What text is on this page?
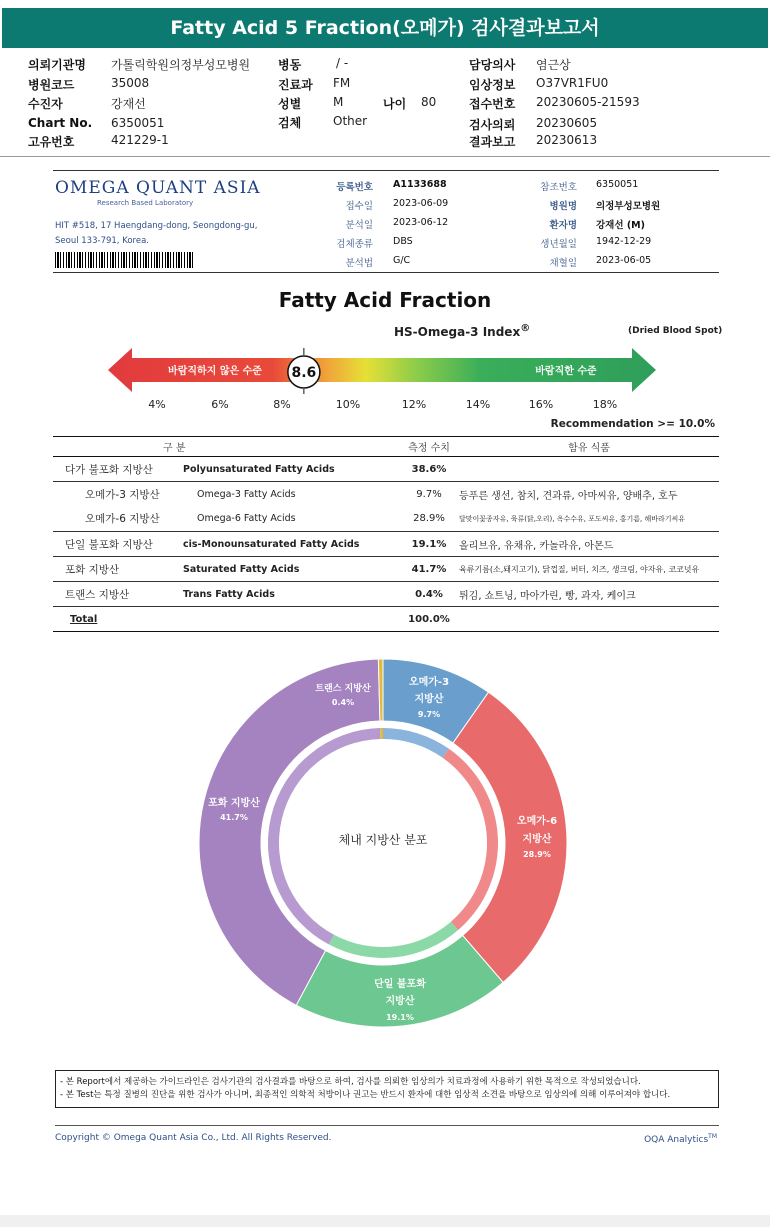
Fatty Acid 5 Fraction(오메가) 검사결과보고서
의뢰기관명 가톨릭학원의정부성모병원
병원코드	35008
수진자	강재선
Chart No. 6350051
고유번호	421229-1
병동	/ -
진료과 FM
성별	M	나이 80
검체	Other
담당의사 염근상
임상정보 O37VR1FU0
접수번호 20230605-21593
검사의뢰 20230605
결과보고 20230613
OMEGA QUANT ASIA
Research Based Laboratory
HIT #518, 17 Haengdang-dong, Seongdong-gu,
Seoul 133-791, Korea.
등록번호 A1133688
접수일 2023-06-09
분석일 2023-06-12
검체종류 DBS
분석법 G/C
참조번호 6350051
병원명 의정부성모병원
환자명 강재선 (M)
생년월일 1942-12-29
채혈일 2023-06-05
Fatty Acid Fraction
HS-Omega-3 Index®	(Dried Blood Spot)
바람직하지 않은 수준	바람직한 수준
8.6
4%	6%	8%	10%	12%	14%	16%	18%
Recommendation >= 10.0%
	구 분	측정 수치	함유 식품
다가 불포화 지방산	Polyunsaturated Fatty Acids	38.6%	
오메가-3 지방산	Omega-3 Fatty Acids	9.7%	등푸른 생선, 참치, 견과류, 아마씨유, 양배추, 호두
오메가-6 지방산	Omega-6 Fatty Acids	28.9%	달맞이꽃종자유, 육류(닭,오리), 옥수수유, 포도씨유, 홍기름, 해바라기씨유
단일 불포화 지방산	cis-Monounsaturated Fatty Acids	19.1%	올리브유, 유채유, 카놀라유, 아몬드
포화 지방산	Saturated Fatty Acids	41.7%	육류기름(소,돼지고기), 닭껍질, 버터, 치즈, 생크림, 야자유, 코코넛유
트랜스 지방산	Trans Fatty Acids	0.4%	튀김, 쇼트닝, 마아가린, 빵, 과자, 케이크
Total		100.0%	
체내 지방산 분포
오메가-3
지방산
9.7%
오메가-6
지방산
28.9%
단일 불포화
지방산
19.1%
포화 지방산
41.7%
트랜스 지방산
0.4%
- 본 Report에서 제공하는 가이드라인은 검사기관의 검사결과를 바탕으로 하여, 검사를 의뢰한 임상의가 치료과정에 사용하기 위한 목적으로 작성되었습니다.
- 본 Test는 특정 질병의 진단을 위한 검사가 아니며, 최종적인 의학적 처방이나 권고는 반드시 환자에 대한 임상적 소견을 바탕으로 임상의에 의해 이루어져야 합니다.
Copyright © Omega Quant Asia Co., Ltd. All Rights Reserved.	OQA Analytics™
